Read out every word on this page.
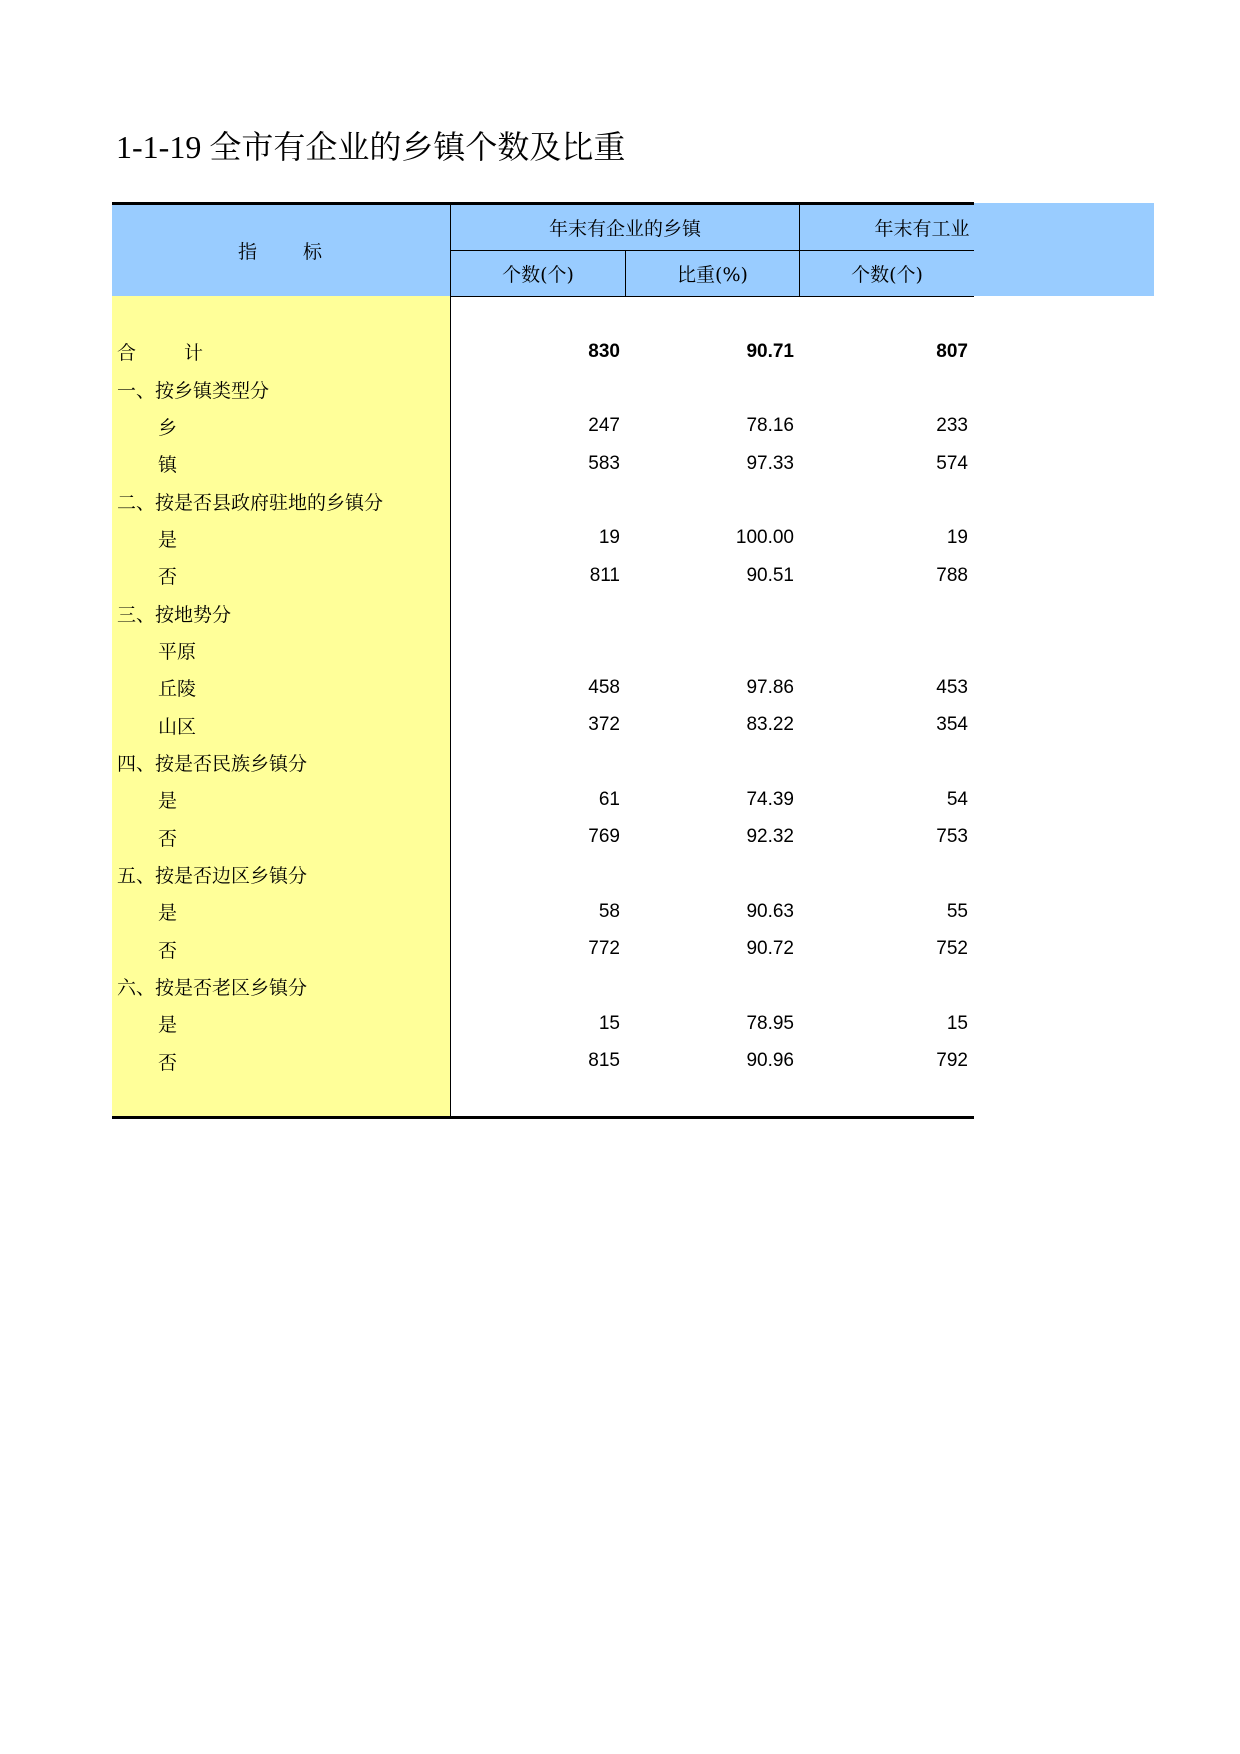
1-1-19 全市有企业的乡镇个数及比重
指 标	年末有企业的乡镇		年末有工业
	个数(个)	比重(%)	个数(个)
合 计	830	90.71	807
一、按乡镇类型分			
乡	247	78.16	233
镇	583	97.33	574
二、按是否县政府驻地的乡镇分			
是	19	100.00	19
否	811	90.51	788
三、按地势分			
平原			
丘陵	458	97.86	453
山区	372	83.22	354
四、按是否民族乡镇分			
是	61	74.39	54
否	769	92.32	753
五、按是否边区乡镇分			
是	58	90.63	55
否	772	90.72	752
六、按是否老区乡镇分			
是	15	78.95	15
否	815	90.96	792
